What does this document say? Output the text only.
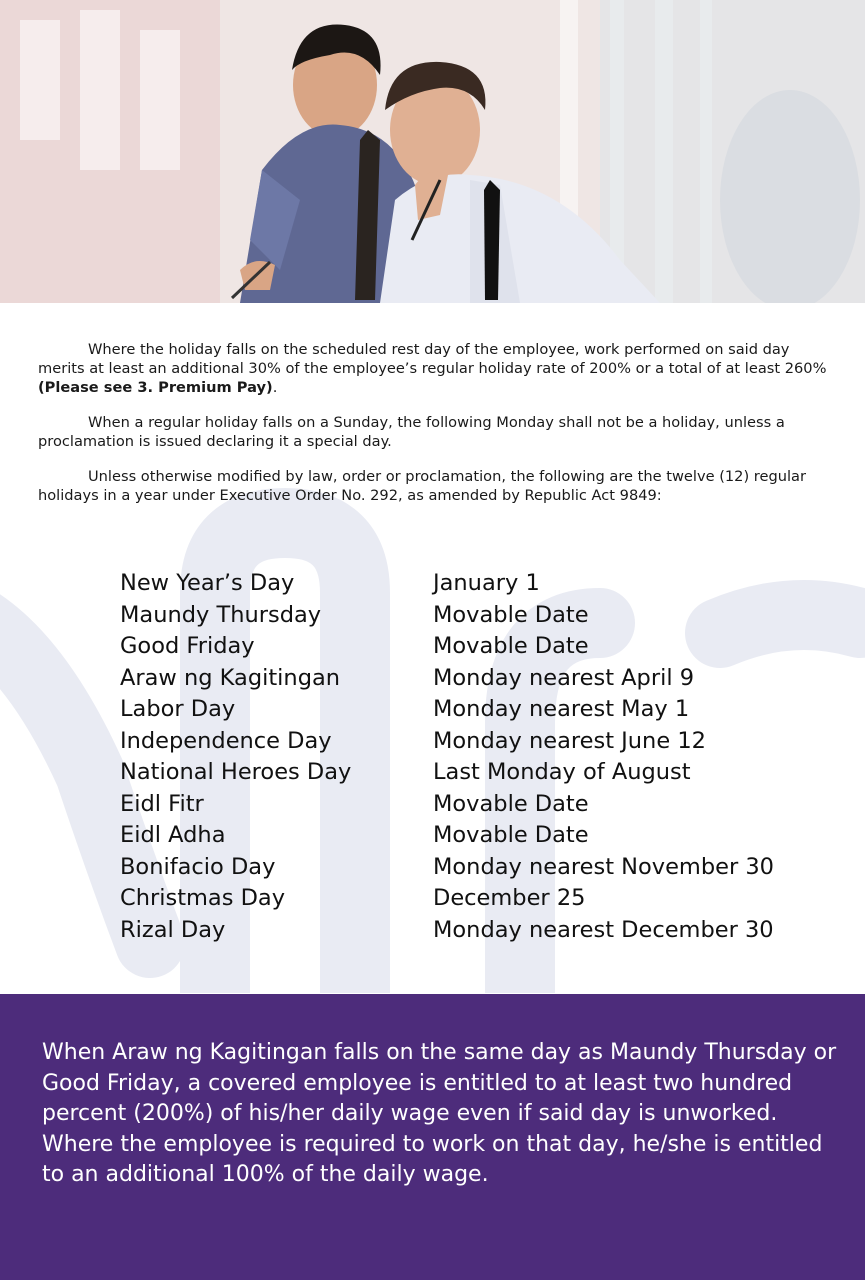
Where the holiday falls on the scheduled rest day of the employee, work performed on said day merits at least an additional 30% of the employee’s regular holiday rate of 200% or a total of at least 260% (Please see 3. Premium Pay).

When a regular holiday falls on a Sunday, the following Monday shall not be a holiday, unless a proclamation is issued declaring it a special day.

Unless otherwise modified by law, order or proclamation, the following are the twelve (12) regular holidays in a year under Executive Order No. 292, as amended by Republic Act 9849:

New Year’s Day	January 1
Maundy Thursday	Movable Date
Good Friday	Movable Date
Araw ng Kagitingan	Monday nearest April 9
Labor Day	Monday nearest May 1
Independence Day	Monday nearest June 12
National Heroes Day	Last Monday of August
Eidl Fitr	Movable Date
Eidl Adha	Movable Date
Bonifacio Day	Monday nearest November 30
Christmas Day	December 25
Rizal Day	Monday nearest December 30
When Araw ng Kagitingan falls on the same day as Maundy Thursday or Good Friday, a covered employee is entitled to at least two hundred percent (200%) of his/her daily wage even if said day is unworked. Where the employee is required to work on that day, he/she is entitled to an additional 100% of the daily wage.
